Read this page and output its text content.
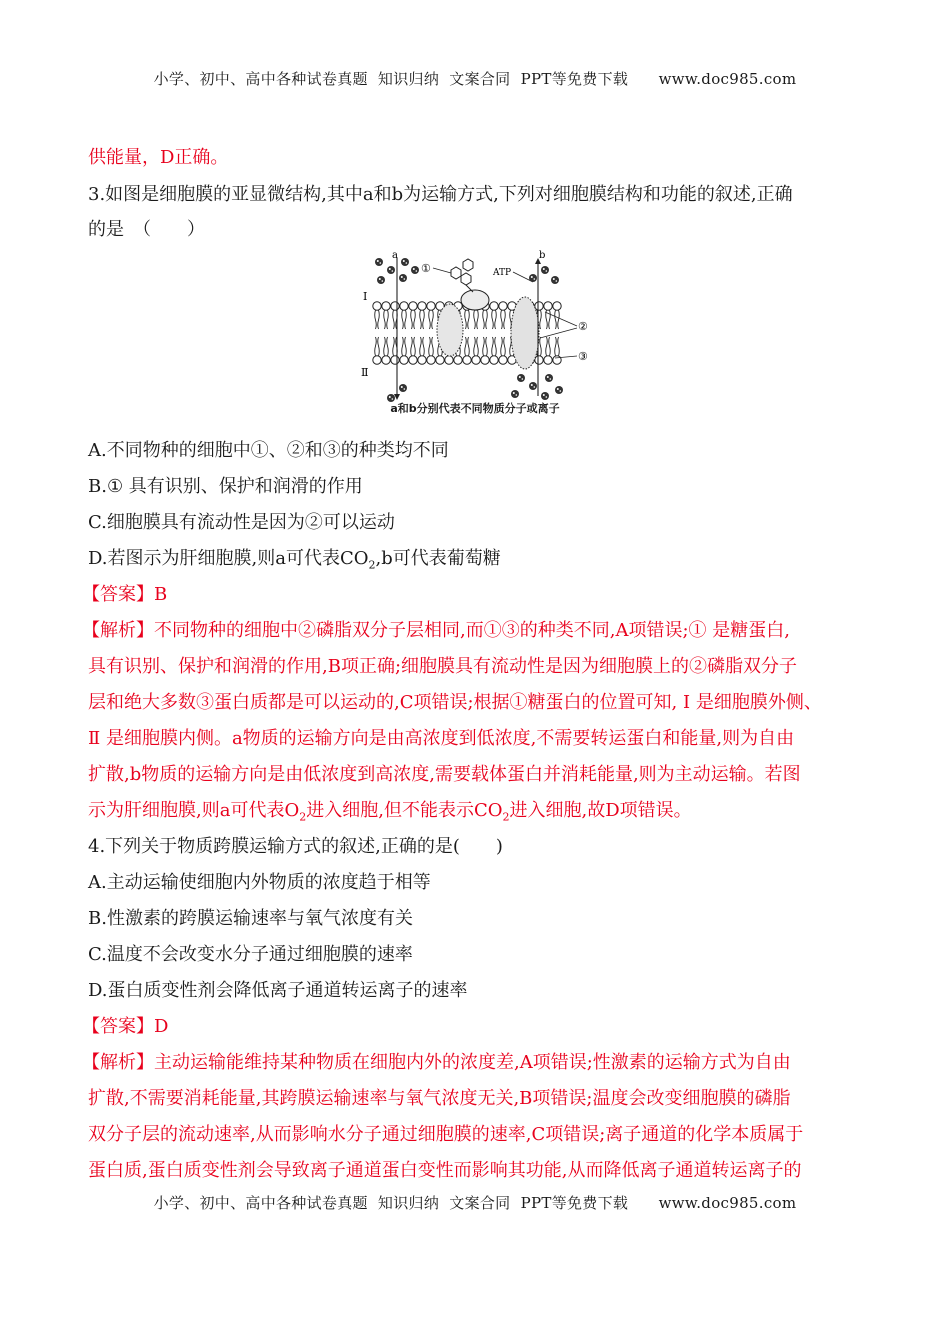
小学、初中、高中各种试卷真题  知识归纳  文案合同  PPT等免费下载      www.doc985.com
供能量，D正确。
3.如图是细胞膜的亚显微结构,其中a和b为运输方式,下列对细胞膜结构和功能的叙述,正确
的是　（　　）
a	b
①	ATP
②
③
Ⅰ
Ⅱ
a和b分别代表不同物质分子或离子
A.不同物种的细胞中①、②和③的种类均不同
B.① 具有识别、保护和润滑的作用
C.细胞膜具有流动性是因为②可以运动
D.若图示为肝细胞膜,则a可代表$CO_2,b$可代表葡萄糖
【答案】B
【解析】不同物种的细胞中②磷脂双分子层相同,而①③的种类不同,A项错误;① 是糖蛋白,
具有识别、保护和润滑的作用,B项正确;细胞膜具有流动性是因为细胞膜上的②磷脂双分子
层和绝大多数③蛋白质都是可以运动的,C项错误;根据①糖蛋白的位置可知, Ⅰ 是细胞膜外侧、
Ⅱ 是细胞膜内侧。a物质的运输方向是由高浓度到低浓度,不需要转运蛋白和能量,则为自由
扩散,b物质的运输方向是由低浓度到高浓度,需要载体蛋白并消耗能量,则为主动运输。若图
示为肝细胞膜,则a可代表$O_2$进入细胞,但不能表示$CO_2$进入细胞,故D项错误。
4.下列关于物质跨膜运输方式的叙述,正确的是(　　)
A.主动运输使细胞内外物质的浓度趋于相等
B.性激素的跨膜运输速率与氧气浓度有关
C.温度不会改变水分子通过细胞膜的速率
D.蛋白质变性剂会降低离子通道转运离子的速率
【答案】D
【解析】主动运输能维持某种物质在细胞内外的浓度差,A项错误;性激素的运输方式为自由
扩散,不需要消耗能量,其跨膜运输速率与氧气浓度无关,B项错误;温度会改变细胞膜的磷脂
双分子层的流动速率,从而影响水分子通过细胞膜的速率,C项错误;离子通道的化学本质属于
蛋白质,蛋白质变性剂会导致离子通道蛋白变性而影响其功能,从而降低离子通道转运离子的
小学、初中、高中各种试卷真题  知识归纳  文案合同  PPT等免费下载      www.doc985.com
